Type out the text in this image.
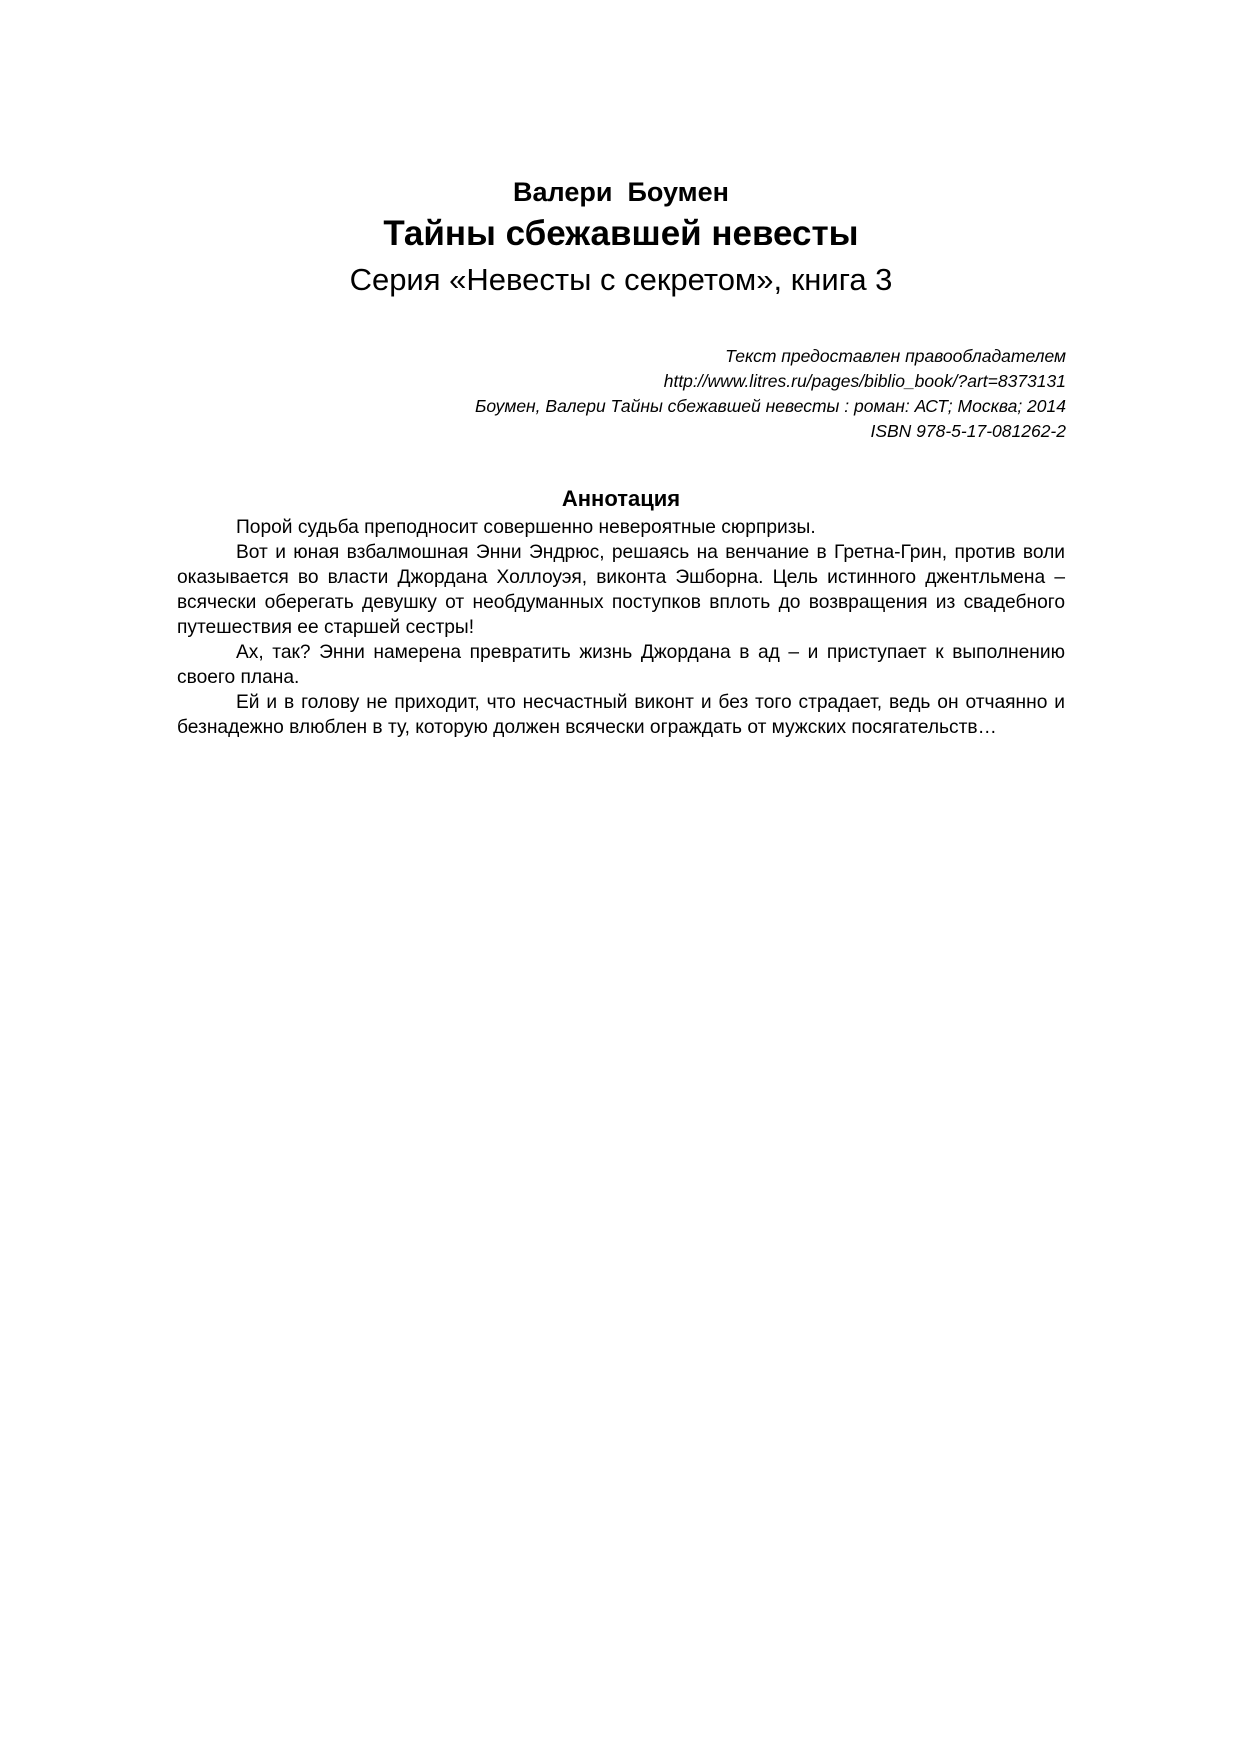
Валери  Боумен
Тайны сбежавшей невесты
Серия «Невесты с секретом», книга 3
Текст предоставлен правообладателем
http://www.litres.ru/pages/biblio_book/?art=8373131
Боумен, Валери Тайны сбежавшей невесты : роман: АСТ; Москва; 2014
ISBN 978-5-17-081262-2
Аннотация

Порой судьба преподносит совершенно невероятные сюрпризы.

Вот и юная взбалмошная Энни Эндрюс, решаясь на венчание в Гретна-Грин, против воли оказывается во власти Джордана Холлоуэя, виконта Эшборна. Цель истинного джентльмена – всячески оберегать девушку от необдуманных поступков вплоть до возвращения из свадебного путешествия ее старшей сестры!

Ах, так? Энни намерена превратить жизнь Джордана в ад – и приступает к выполнению своего плана.

Ей и в голову не приходит, что несчастный виконт и без того страдает, ведь он отчаянно и безнадежно влюблен в ту, которую должен всячески ограждать от мужских посягательств…
